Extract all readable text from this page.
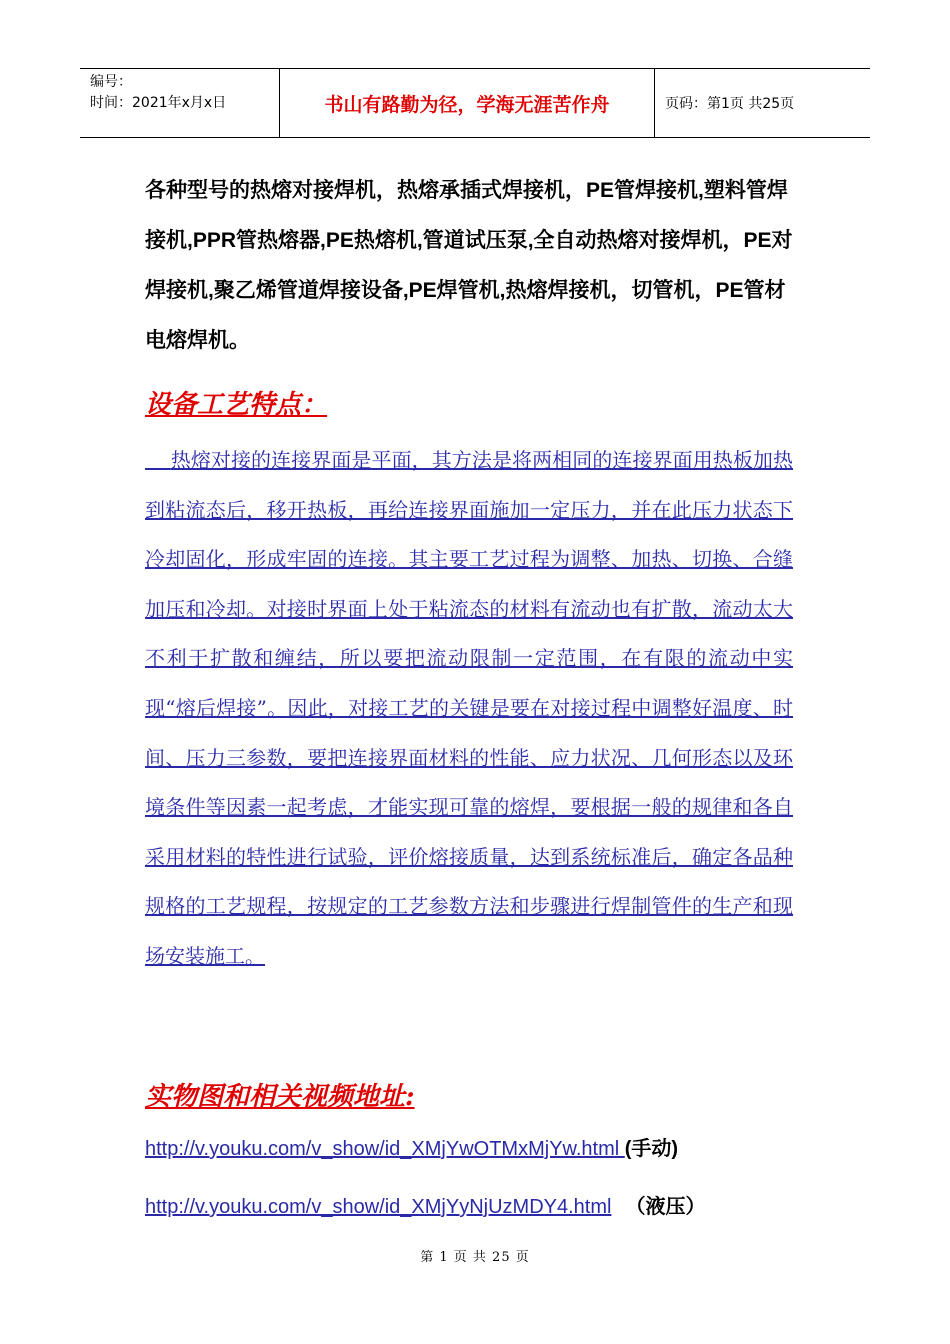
编号：
时间：2021年x月x日	书山有路勤为径，学海无涯苦作舟	页码：第1页 共25页
各种型号的热熔对接焊机，热熔承插式焊接机，PE管焊接机,塑料管焊接机,PPR管热熔器,PE热熔机,管道试压泵,全自动热熔对接焊机，PE对焊接机,聚乙烯管道焊接设备,PE焊管机,热熔焊接机，切管机，PE管材电熔焊机。
设备工艺特点：
热熔对接的连接界面是平面，其方法是将两相同的连接界面用热板加热到粘流态后，移开热板，再给连接界面施加一定压力，并在此压力状态下冷却固化，形成牢固的连接。其主要工艺过程为调整、加热、切换、合缝加压和冷却。对接时界面上处于粘流态的材料有流动也有扩散，流动太大不利于扩散和缠结，所以要把流动限制一定范围，在有限的流动中实现“熔后焊接”。因此，对接工艺的关键是要在对接过程中调整好温度、时间、压力三参数，要把连接界面材料的性能、应力状况、几何形态以及环境条件等因素一起考虑，才能实现可靠的熔焊，要根据一般的规律和各自采用材料的特性进行试验，评价熔接质量，达到系统标准后，确定各品种规格的工艺规程，按规定的工艺参数方法和步骤进行焊制管件的生产和现场安装施工。
实物图和相关视频地址:
http://v.youku.com/v_show/id_XMjYwOTMxMjYw.html (手动)
http://v.youku.com/v_show/id_XMjYyNjUzMDY4.html （液压）
第 1 页 共 25 页
